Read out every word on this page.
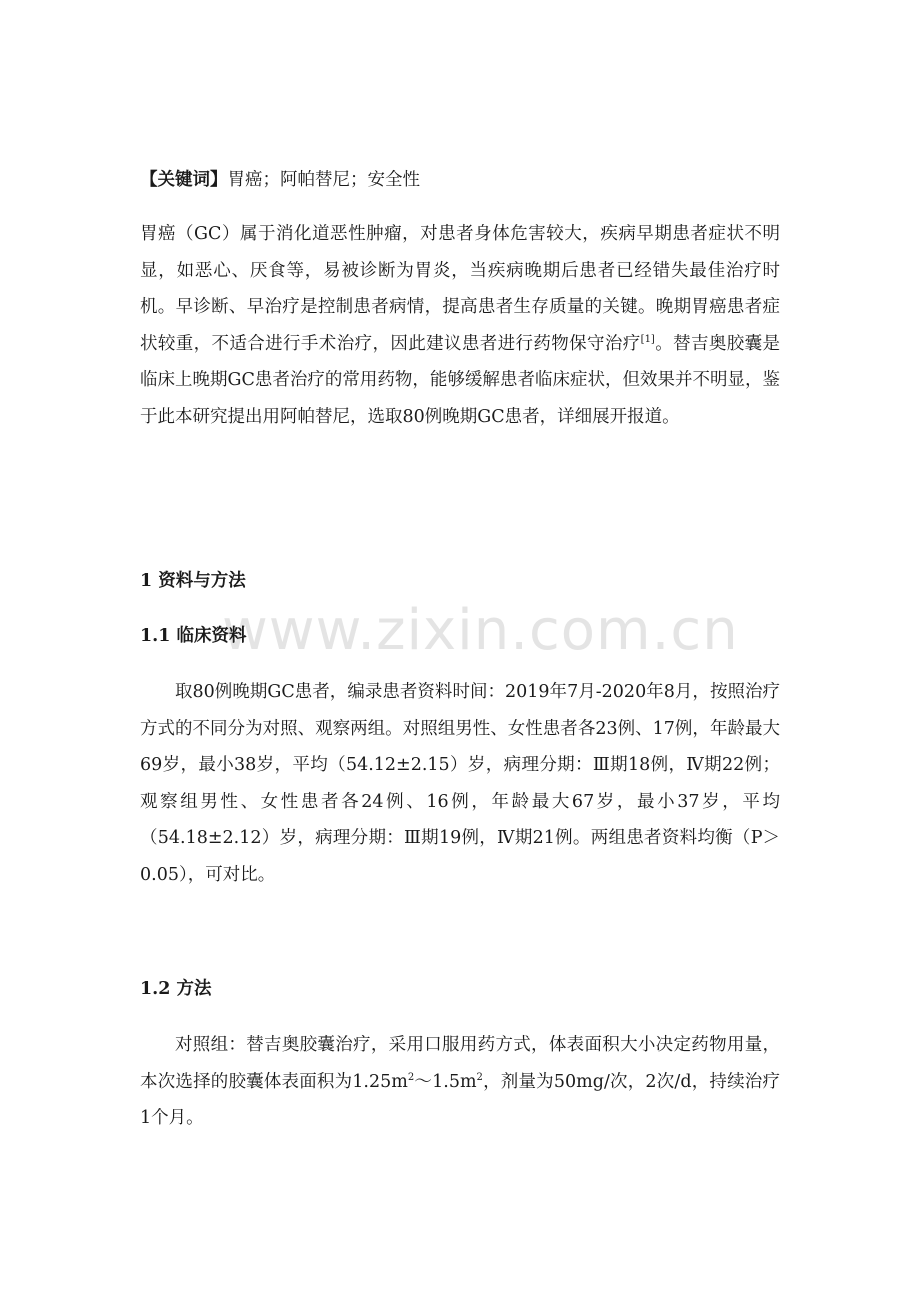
www.zixin.com.cn

【关键词】胃癌；阿帕替尼；安全性

胃癌（GC）属于消化道恶性肿瘤，对患者身体危害较大，疾病早期患者症状不明显，如恶心、厌食等，易被诊断为胃炎，当疾病晚期后患者已经错失最佳治疗时机。早诊断、早治疗是控制患者病情，提高患者生存质量的关键。晚期胃癌患者症状较重，不适合进行手术治疗，因此建议患者进行药物保守治疗[1]。替吉奥胶囊是临床上晚期GC患者治疗的常用药物，能够缓解患者临床症状，但效果并不明显，鉴于此本研究提出用阿帕替尼，选取80例晚期GC患者，详细展开报道。

1 资料与方法

1.1 临床资料

取80例晚期GC患者，编录患者资料时间：2019年7月-2020年8月，按照治疗方式的不同分为对照、观察两组。对照组男性、女性患者各23例、17例，年龄最大69岁，最小38岁，平均（54.12±2.15）岁，病理分期：Ⅲ期18例，Ⅳ期22例；观察组男性、女性患者各24例、16例，年龄最大67岁，最小37岁，平均（54.18±2.12）岁，病理分期：Ⅲ期19例，Ⅳ期21例。两组患者资料均衡（P＞0.05），可对比。

1.2 方法

对照组：替吉奥胶囊治疗，采用口服用药方式，体表面积大小决定药物用量，本次选择的胶囊体表面积为$1.25m^2\sim 1.5m^2$，剂量为50mg/次，2次/d，持续治疗1个月。
